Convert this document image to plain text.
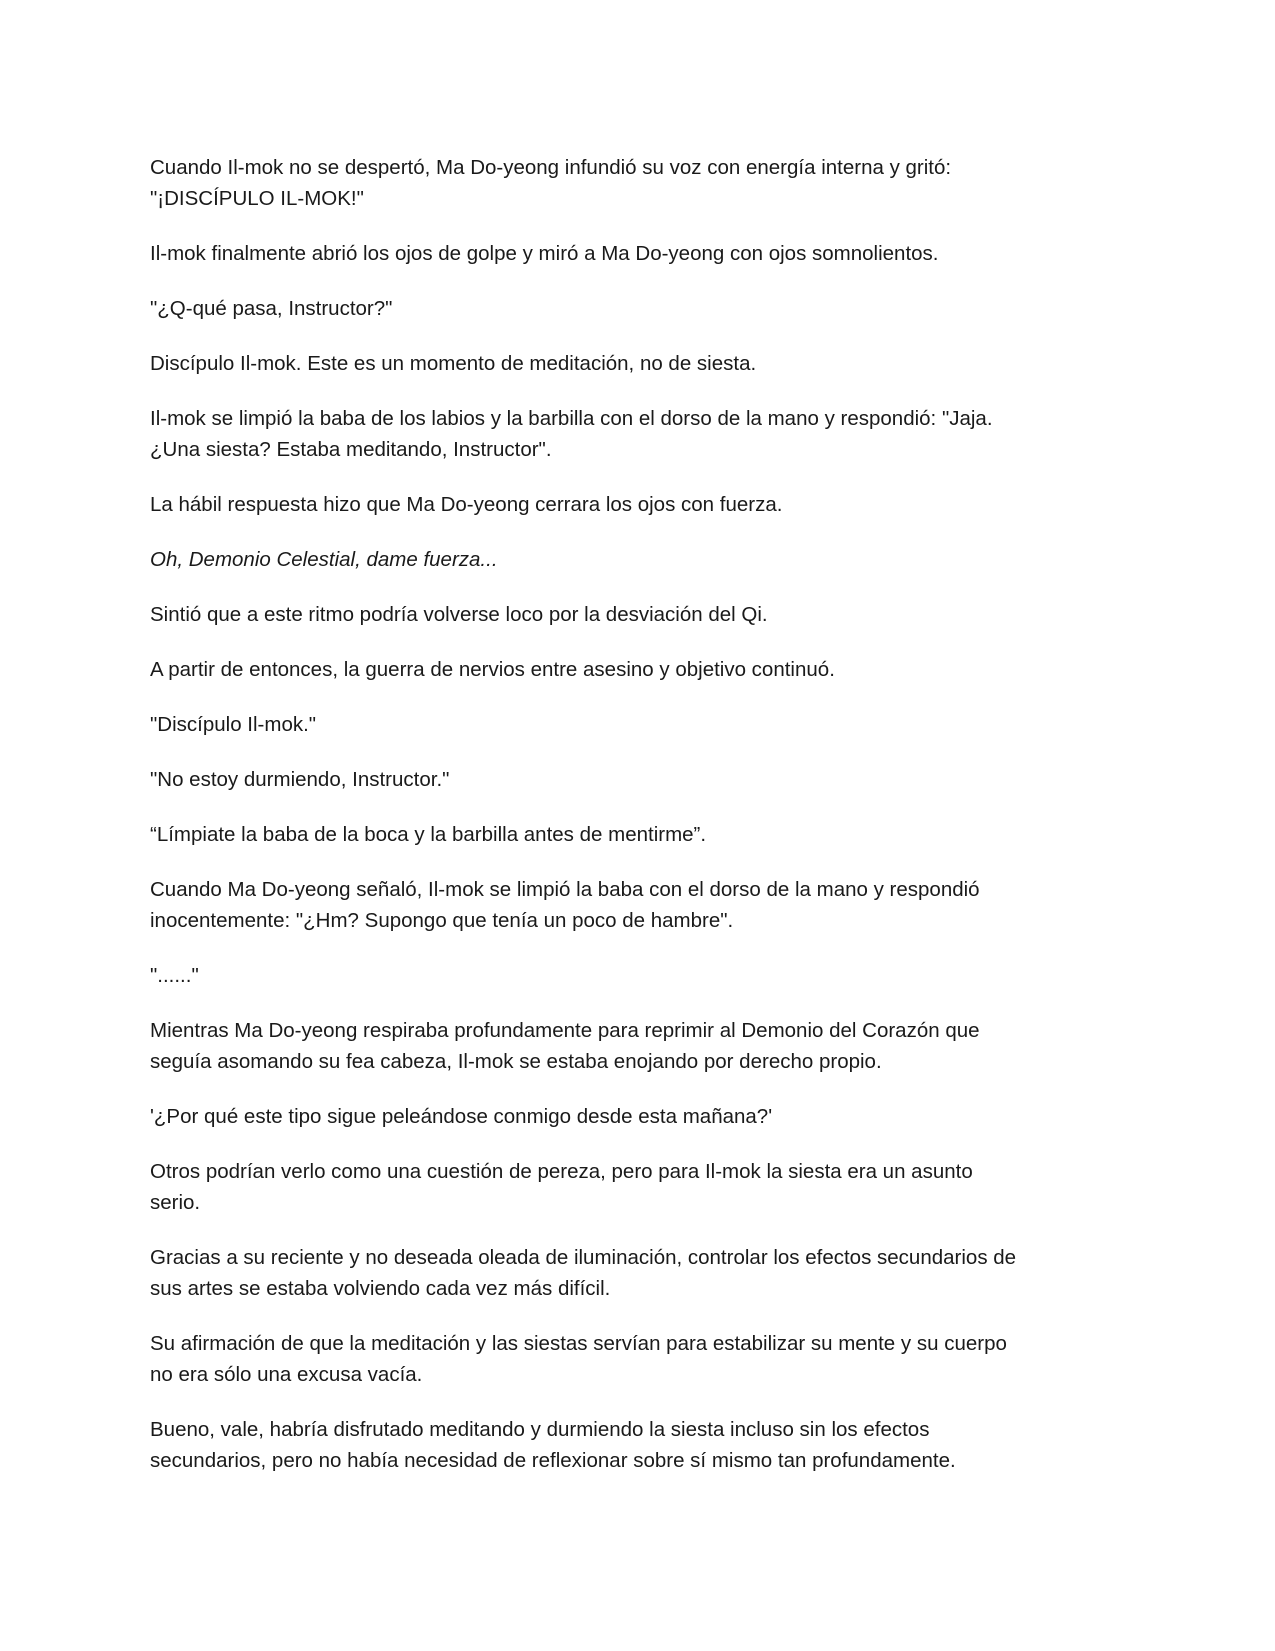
Cuando Il-mok no se despertó, Ma Do-yeong infundió su voz con energía interna y gritó:
"¡DISCÍPULO IL-MOK!"

Il-mok finalmente abrió los ojos de golpe y miró a Ma Do-yeong con ojos somnolientos.

"¿Q-qué pasa, Instructor?"

Discípulo Il-mok. Este es un momento de meditación, no de siesta.

Il-mok se limpió la baba de los labios y la barbilla con el dorso de la mano y respondió: "Jaja.
¿Una siesta? Estaba meditando, Instructor".

La hábil respuesta hizo que Ma Do-yeong cerrara los ojos con fuerza.

Oh, Demonio Celestial, dame fuerza...

Sintió que a este ritmo podría volverse loco por la desviación del Qi.

A partir de entonces, la guerra de nervios entre asesino y objetivo continuó.

"Discípulo Il-mok."

"No estoy durmiendo, Instructor."

“Límpiate la baba de la boca y la barbilla antes de mentirme”.

Cuando Ma Do-yeong señaló, Il-mok se limpió la baba con el dorso de la mano y respondió
inocentemente: "¿Hm? Supongo que tenía un poco de hambre".

"......"

Mientras Ma Do-yeong respiraba profundamente para reprimir al Demonio del Corazón que
seguía asomando su fea cabeza, Il-mok se estaba enojando por derecho propio.

'¿Por qué este tipo sigue peleándose conmigo desde esta mañana?'

Otros podrían verlo como una cuestión de pereza, pero para Il-mok la siesta era un asunto
serio.

Gracias a su reciente y no deseada oleada de iluminación, controlar los efectos secundarios de
sus artes se estaba volviendo cada vez más difícil.

Su afirmación de que la meditación y las siestas servían para estabilizar su mente y su cuerpo
no era sólo una excusa vacía.

Bueno, vale, habría disfrutado meditando y durmiendo la siesta incluso sin los efectos
secundarios, pero no había necesidad de reflexionar sobre sí mismo tan profundamente.
